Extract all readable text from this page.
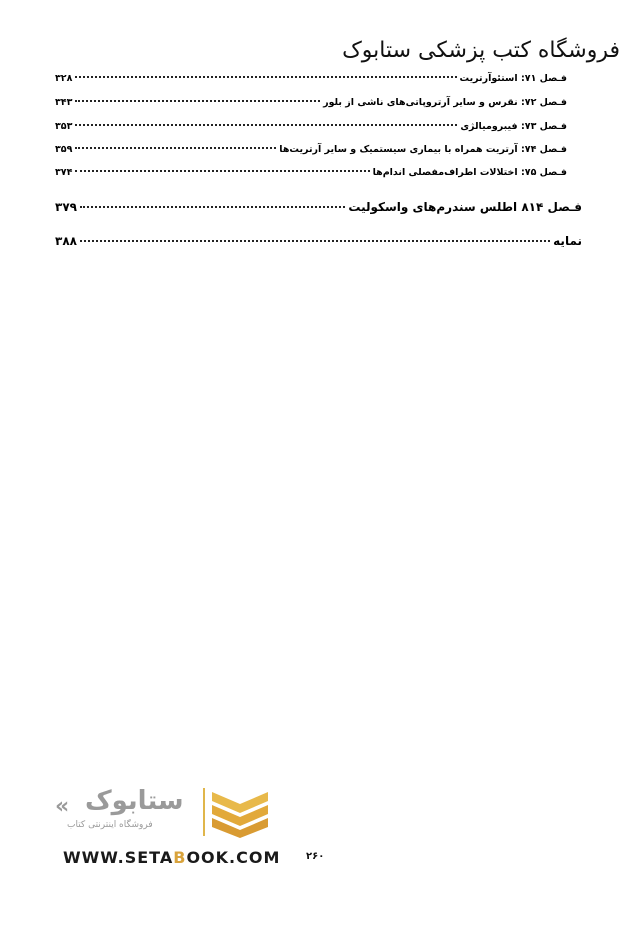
فروشگاه کتب پزشکی ستابوک
فـصل ۷۱: استئوآرتریت
۳۲۸
فـصل ۷۲: نقرس و سایر آرتروپاتی‌های ناشی از بلور
۳۴۳
فـصل ۷۳: فیبرومیالژی
۳۵۳
فـصل ۷۴: آرتریت همراه با بیماری سیستمیک و سایر آرتریت‌ها
۳۵۹
فـصل ۷۵: اختلالات اطراف‌مفصلی اندام‌ها
۳۷۴
فـصل ۸۱۴ اطلس سندرم‌های واسکولیت
۳۷۹
نمایه
۳۸۸
« ستابوک
فروشگاه اینترنتی کتاب
WWW.SETABOOK.COM	۲۶۰
